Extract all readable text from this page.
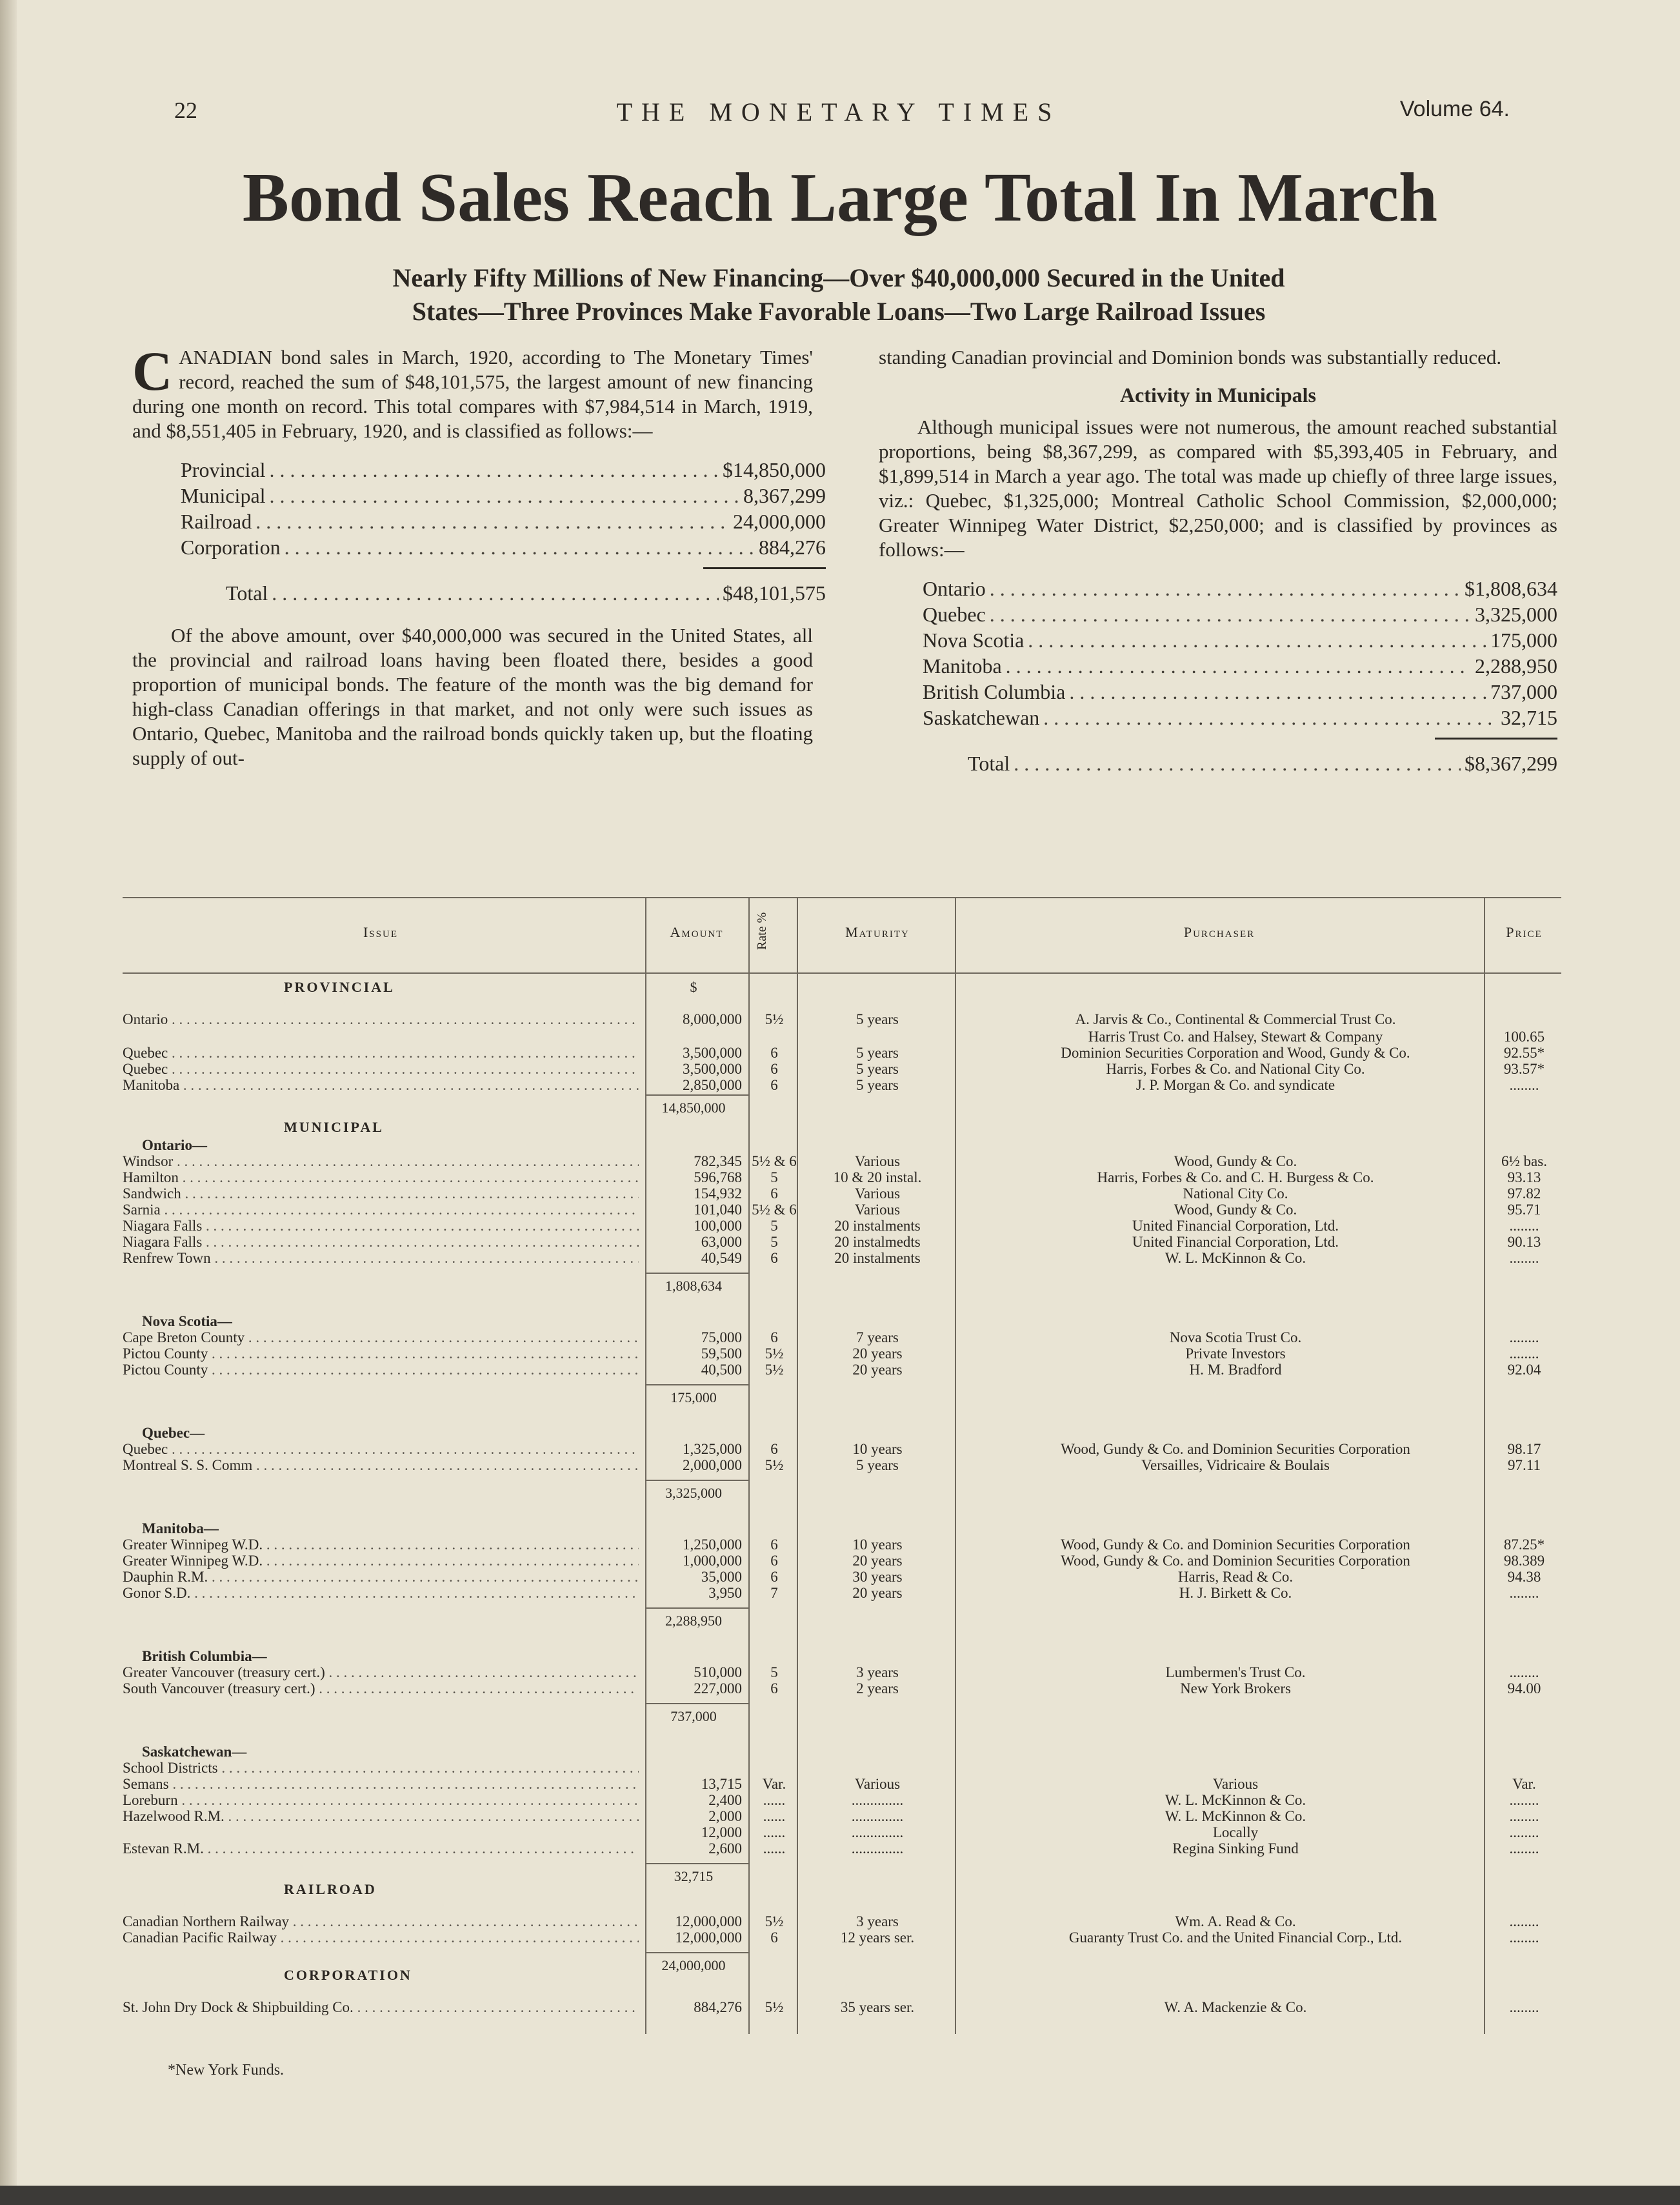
22	THE MONETARY TIMES	Volume 64.
Bond Sales Reach Large Total In March
Nearly Fifty Millions of New Financing—Over $40,000,000 Secured in the United
States—Three Provinces Make Favorable Loans—Two Large Railroad Issues

CANADIAN bond sales in March, 1920, according to The Monetary Times' record, reached the sum of $48,101,575, the largest amount of new financing during one month on record. This total compares with $7,984,514 in March, 1919, and $8,551,405 in February, 1920, and is classified as follows:—

Provincial . . .	$14,850,000
Municipal . . .	8,367,299
Railroad . . .	24,000,000
Corporation . . .	884,276
Total . . .	$48,101,575

Of the above amount, over $40,000,000 was secured in the United States, all the provincial and railroad loans having been floated there, besides a good proportion of municipal bonds. The feature of the month was the big demand for high-class Canadian offerings in that market, and not only were such issues as Ontario, Quebec, Manitoba and the railroad bonds quickly taken up, but the floating supply of out-

standing Canadian provincial and Dominion bonds was substantially reduced.

Activity in Municipals

Although municipal issues were not numerous, the amount reached substantial proportions, being $8,367,299, as compared with $5,393,405 in February, and $1,899,514 in March a year ago. The total was made up chiefly of three large issues, viz.: Quebec, $1,325,000; Montreal Catholic School Commission, $2,000,000; Greater Winnipeg Water District, $2,250,000; and is classified by provinces as follows:—

Ontario . . .	$1,808,634
Quebec . . .	3,325,000
Nova Scotia . . .	175,000
Manitoba . . .	2,288,950
British Columbia . . .	737,000
Saskatchewan . . .	32,715
Total . . .	$8,367,299
Issue	Amount	Rate %	Maturity	Purchaser	Price
PROVINCIAL	$
Ontario . . .	8,000,000	5½	5 years	A. Jarvis & Co., Continental & Commercial Trust Co.
Harris Trust Co. and Halsey, Stewart & Company	100.65
Quebec . . .	3,500,000	6	5 years	Dominion Securities Corporation and Wood, Gundy & Co.	92.55*
Quebec . . .	3,500,000	6	5 years	Harris, Forbes & Co. and National City Co.	93.57*
Manitoba . . .	2,850,000	6	5 years	J. P. Morgan & Co. and syndicate	........
14,850,000
MUNICIPAL
Ontario—
Windsor . . .	782,345 5½ & 6	Various	Wood, Gundy & Co.	6½ bas.
Hamilton . . .	596,768	5	10 & 20 instal.	Harris, Forbes & Co. and C. H. Burgess & Co.	93.13
Sandwich . . .	154,932	6	Various	National City Co.	97.82
Sarnia . . .	101,040 5½ & 6	Various	Wood, Gundy & Co.	95.71
Niagara Falls . . .	100,000	5	20 instalments	United Financial Corporation, Ltd.	........
Niagara Falls . . .	63,000	5	20 instalmedts	United Financial Corporation, Ltd.	90.13
Renfrew Town . . .	40,549	6	20 instalments	W. L. McKinnon & Co.	........
1,808,634
Nova Scotia—
Cape Breton County . . .	75,000	6	7 years	Nova Scotia Trust Co.	........
Pictou County . . .	59,500	5½	20 years	Private Investors	........
Pictou County . . .	40,500	5½	20 years	H. M. Bradford	92.04
175,000
Quebec—
Quebec . . .	1,325,000	6	10 years	Wood, Gundy & Co. and Dominion Securities Corporation	98.17
Montreal S. S. Comm . . .	2,000,000	5½	5 years	Versailles, Vidricaire & Boulais	97.11
3,325,000
Manitoba—
Greater Winnipeg W.D. . . .	1,250,000	6	10 years	Wood, Gundy & Co. and Dominion Securities Corporation	87.25*
Greater Winnipeg W.D. . . .	1,000,000	6	20 years	Wood, Gundy & Co. and Dominion Securities Corporation	98.389
Dauphin R.M. . . .	35,000	6	30 years	Harris, Read & Co.	94.38
Gonor S.D. . . .	3,950	7	20 years	H. J. Birkett & Co.	........
2,288,950
British Columbia—
Greater Vancouver (treasury cert.) . . .	510,000	5	3 years	Lumbermen's Trust Co.	........
South Vancouver (treasury cert.) . . .	227,000	6	2 years	New York Brokers	94.00
737,000
Saskatchewan—
School Districts . . .
Semans . . .	13,715	Var.	Various	Various	Var.
Loreburn . . .	2,400	......	..............	W. L. McKinnon & Co.	........
Hazelwood R.M. . . .	2,000	......	..............	W. L. McKinnon & Co.	........
12,000	......	..............	Locally	........
Estevan R.M. . . .	2,600	......	..............	Regina Sinking Fund	........
32,715
RAILROAD
Canadian Northern Railway . . .	12,000,000	5½	3 years	Wm. A. Read & Co.	........
Canadian Pacific Railway . . .	12,000,000	6	12 years ser.	Guaranty Trust Co. and the United Financial Corp., Ltd.	........
24,000,000
CORPORATION
St. John Dry Dock & Shipbuilding Co. . . .	884,276	5½	35 years ser.	W. A. Mackenzie & Co.	........
*New York Funds.
